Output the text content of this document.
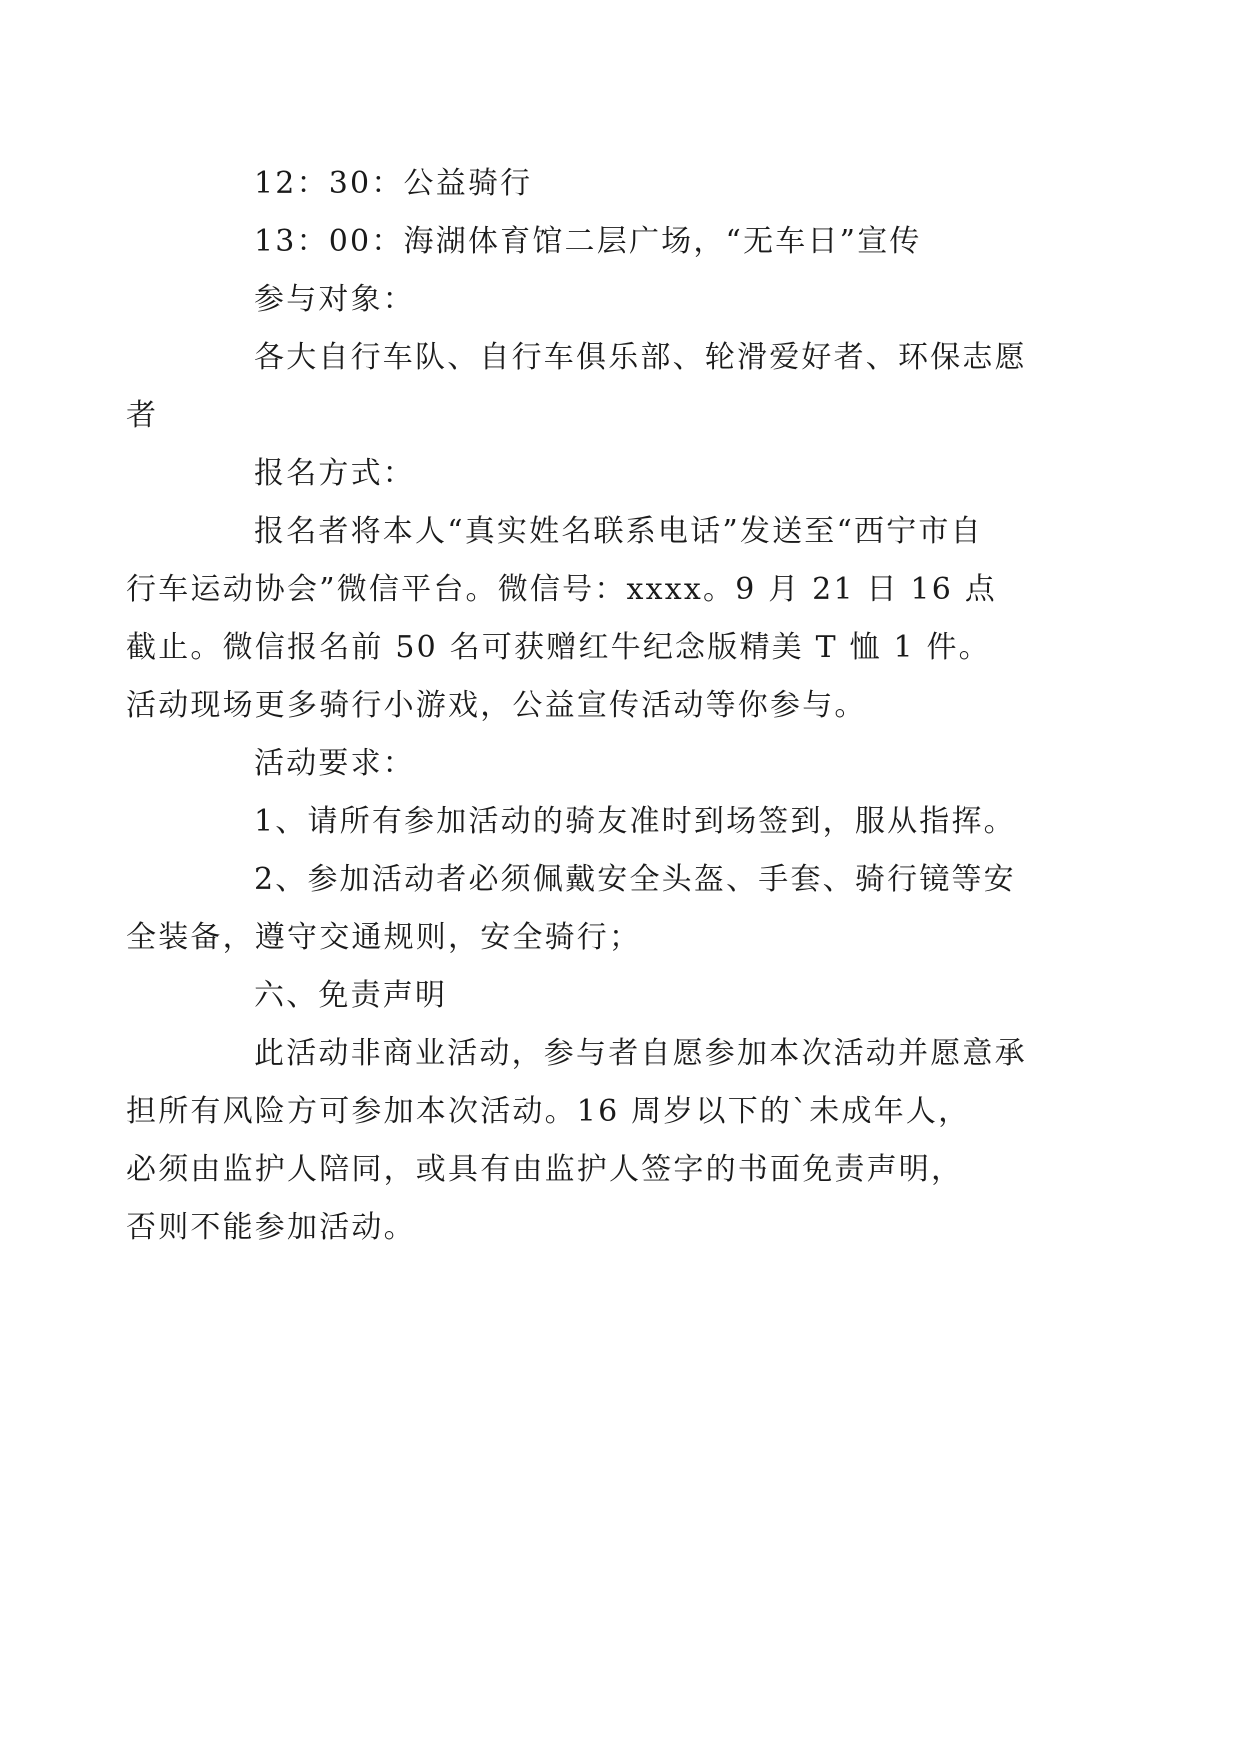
12：30：公益骑行

13：00：海湖体育馆二层广场，“无车日”宣传

参与对象：

各大自行车队、自行车俱乐部、轮滑爱好者、环保志愿
者

报名方式：

报名者将本人“真实姓名联系电话”发送至“西宁市自
行车运动协会”微信平台。微信号：xxxx。9 月 21 日 16 点
截止。微信报名前 50 名可获赠红牛纪念版精美 T 恤 1 件。
活动现场更多骑行小游戏，公益宣传活动等你参与。

活动要求：

1、请所有参加活动的骑友准时到场签到，服从指挥。

2、参加活动者必须佩戴安全头盔、手套、骑行镜等安
全装备，遵守交通规则，安全骑行；

六、免责声明

此活动非商业活动，参与者自愿参加本次活动并愿意承
担所有风险方可参加本次活动。16 周岁以下的`未成年人，
必须由监护人陪同，或具有由监护人签字的书面免责声明，
否则不能参加活动。
